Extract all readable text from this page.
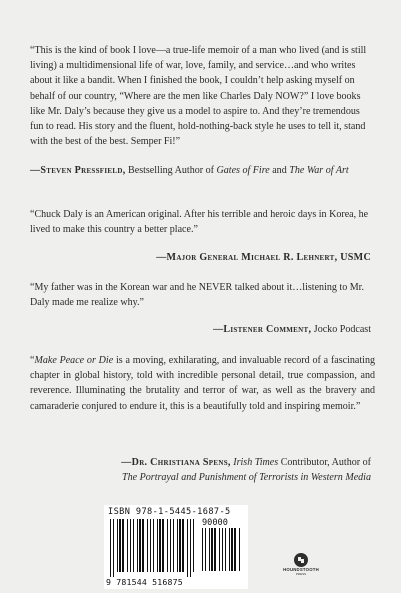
“This is the kind of book I love—a true-life memoir of a man who lived (and is still living) a multidimensional life of war, love, family, and service…and who writes about it like a bandit. When I finished the book, I couldn’t help asking myself on behalf of our country, “Where are the men like Charles Daly NOW?” I love books like Mr. Daly’s because they give us a model to aspire to. And they’re tremendous fun to read. His story and the fluent, hold-nothing-back style he uses to tell it, stand with the best of the best. Semper Fi!”

—Steven Pressfield, Bestselling Author of Gates of Fire and The War of Art

“Chuck Daly is an American original. After his terrible and heroic days in Korea, he lived to make this country a better place.”

—Major General Michael R. Lehnert, USMC

“My father was in the Korean war and he NEVER talked about it…listening to Mr. Daly made me realize why.”

—Listener Comment, Jocko Podcast

“Make Peace or Die is a moving, exhilarating, and invaluable record of a fascinating chapter in global history, told with incredible personal detail, true compassion, and reverence. Illuminating the brutality and terror of war, as well as the bravery and camaraderie conjured to endure it, this is a beautifully told and inspiring memoir.”

—Dr. Christiana Spens, Irish Times Contributor, Author of
The Portrayal and Punishment of Terrorists in Western Media

ISBN 978-1-5445-1687-5
90000
9 781544 516875
HOUNDSTOOTH
PRESS
